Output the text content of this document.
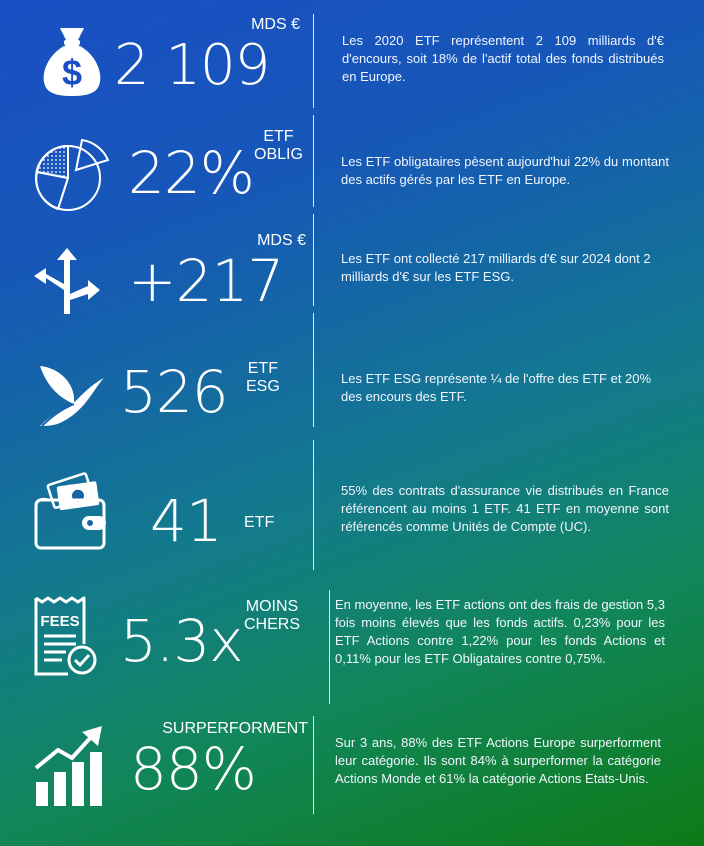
$ 2 109
MDS €
Les 2020 ETF représentent 2 109 milliards d'€ d'encours, soit 18% de l'actif total des fonds distribués en Europe.
22%
ETF
OBLIG	Les ETF obligataires pèsent aujourd'hui 22% du montant des actifs gérés par les ETF en Europe.
+217
MDS €
Les ETF ont collecté 217 milliards d'€ sur 2024 dont 2 milliards d'€ sur les ETF ESG.
526 ETF
ESG	Les ETF ESG représente ¼ de l'offre des ETF et 20% des encours des ETF.
41 ETF
55% des contrats d'assurance vie distribués en France référencent au moins 1 ETF. 41 ETF en moyenne sont référencés comme Unités de Compte (UC).
FEES 5.3x
MOINS
CHERS
En moyenne, les ETF actions ont des frais de gestion 5,3 fois moins élevés que les fonds actifs. 0,23% pour les ETF Actions contre 1,22% pour les fonds Actions et 0,11% pour les ETF Obligataires contre 0,75%.
88%
SURPERFORMENT
Sur 3 ans, 88% des ETF Actions Europe surperforment leur catégorie. Ils sont 84% à surperformer la catégorie Actions Monde et 61% la catégorie Actions Etats-Unis.
